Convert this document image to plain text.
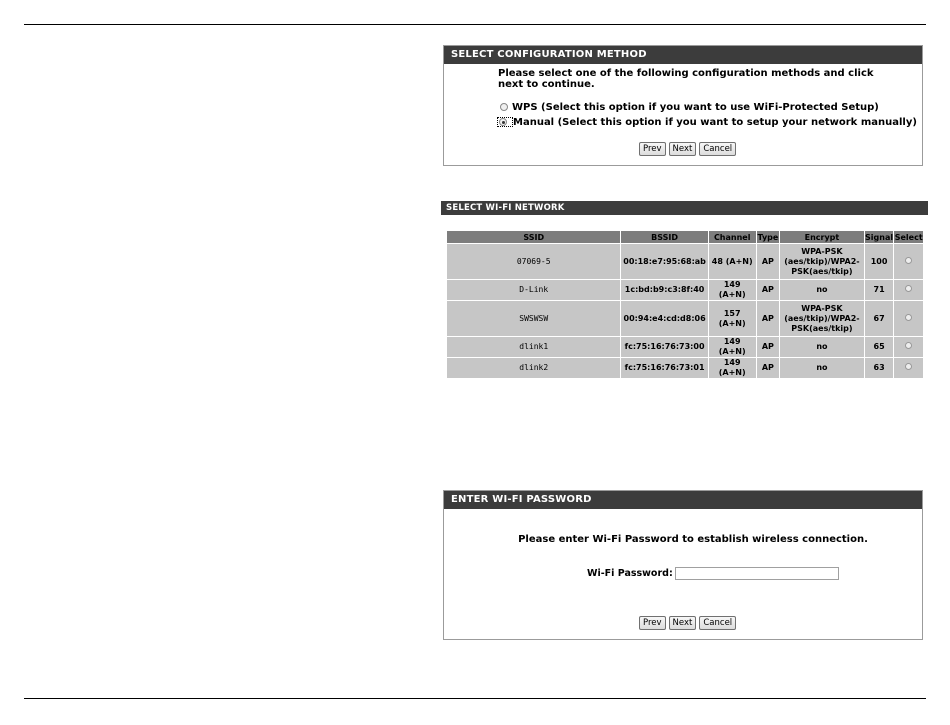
SELECT CONFIGURATION METHOD
Please select one of the following configuration methods and click next to continue.
WPS (Select this option if you want to use WiFi-Protected Setup)
Manual (Select this option if you want to setup your network manually)
Prev	Next	Cancel
SELECT WI-FI NETWORK
SSID	BSSID	Channel	Type	Encrypt	Signal	Select
07069-5	00:18:e7:95:68:ab	48 (A+N)	AP	WPA-PSK (aes/tkip)/WPA2-PSK(aes/tkip)	100	
D-Link	1c:bd:b9:c3:8f:40	149 (A+N)	AP	no	71	
SWSWSW	00:94:e4:cd:d8:06	157 (A+N)	AP	WPA-PSK (aes/tkip)/WPA2-PSK(aes/tkip)	67	
dlink1	fc:75:16:76:73:00	149 (A+N)	AP	no	65	
dlink2	fc:75:16:76:73:01	149 (A+N)	AP	no	63	
ENTER WI-FI PASSWORD
Please enter Wi-Fi Password to establish wireless connection.
Wi-Fi Password:
Prev	Next	Cancel
